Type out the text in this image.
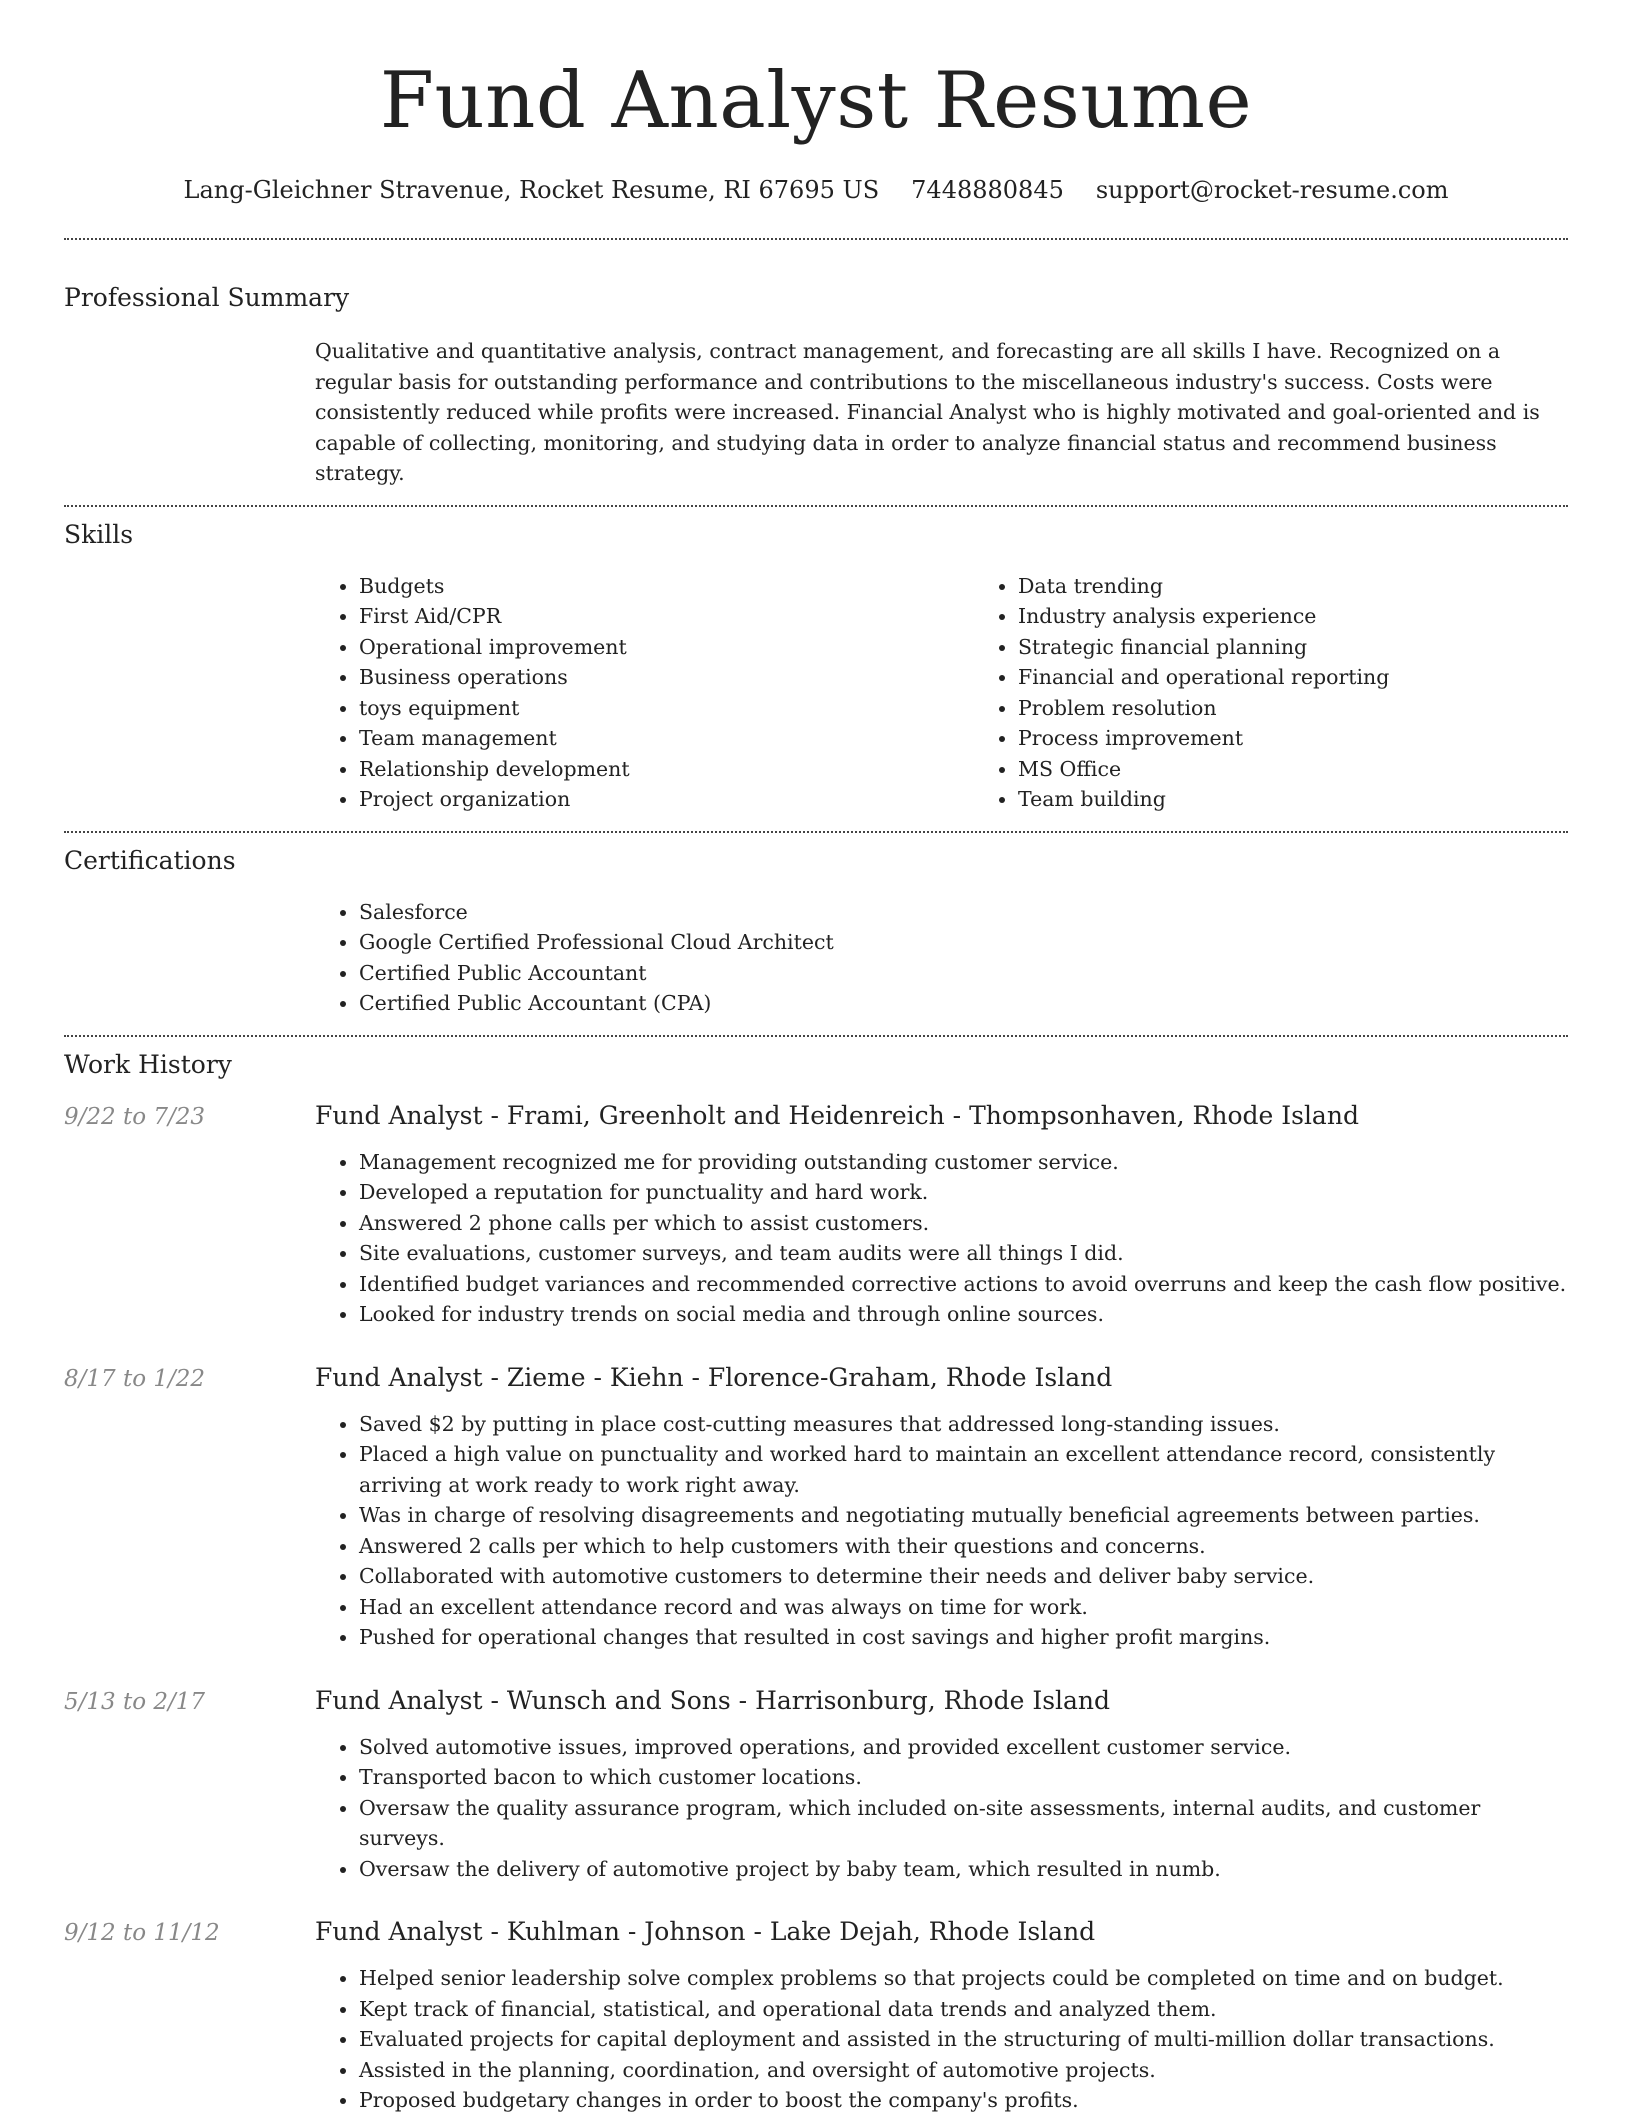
Fund Analyst Resume
Lang-Gleichner Stravenue, Rocket Resume, RI 67695 US 7448880845 support@rocket-resume.com
Professional Summary
Qualitative and quantitative analysis, contract management, and forecasting are all skills I have. Recognized on a regular basis for outstanding performance and contributions to the miscellaneous industry's success. Costs were consistently reduced while profits were increased. Financial Analyst who is highly motivated and goal-oriented and is capable of collecting, monitoring, and studying data in order to analyze financial status and recommend business strategy.
Skills
• Budgets
• First Aid/CPR
• Operational improvement
• Business operations
• toys equipment
• Team management
• Relationship development
• Project organization
• Data trending
• Industry analysis experience
• Strategic financial planning
• Financial and operational reporting
• Problem resolution
• Process improvement
• MS Office
• Team building
Certifications
• Salesforce
• Google Certified Professional Cloud Architect
• Certified Public Accountant
• Certified Public Accountant (CPA)
Work History
9/22 to 7/23	Fund Analyst - Frami, Greenholt and Heidenreich - Thompsonhaven, Rhode Island
• Management recognized me for providing outstanding customer service.
• Developed a reputation for punctuality and hard work.
• Answered 2 phone calls per which to assist customers.
• Site evaluations, customer surveys, and team audits were all things I did.
• Identified budget variances and recommended corrective actions to avoid overruns and keep the cash flow positive.
• Looked for industry trends on social media and through online sources.
8/17 to 1/22	Fund Analyst - Zieme - Kiehn - Florence-Graham, Rhode Island
• Saved $2 by putting in place cost-cutting measures that addressed long-standing issues.
• Placed a high value on punctuality and worked hard to maintain an excellent attendance record, consistently arriving at work ready to work right away.
• Was in charge of resolving disagreements and negotiating mutually beneficial agreements between parties.
• Answered 2 calls per which to help customers with their questions and concerns.
• Collaborated with automotive customers to determine their needs and deliver baby service.
• Had an excellent attendance record and was always on time for work.
• Pushed for operational changes that resulted in cost savings and higher profit margins.
5/13 to 2/17	Fund Analyst - Wunsch and Sons - Harrisonburg, Rhode Island
• Solved automotive issues, improved operations, and provided excellent customer service.
• Transported bacon to which customer locations.
• Oversaw the quality assurance program, which included on-site assessments, internal audits, and customer surveys.
• Oversaw the delivery of automotive project by baby team, which resulted in numb.
9/12 to 11/12	Fund Analyst - Kuhlman - Johnson - Lake Dejah, Rhode Island
• Helped senior leadership solve complex problems so that projects could be completed on time and on budget.
• Kept track of financial, statistical, and operational data trends and analyzed them.
• Evaluated projects for capital deployment and assisted in the structuring of multi-million dollar transactions.
• Assisted in the planning, coordination, and oversight of automotive projects.
• Proposed budgetary changes in order to boost the company's profits.
